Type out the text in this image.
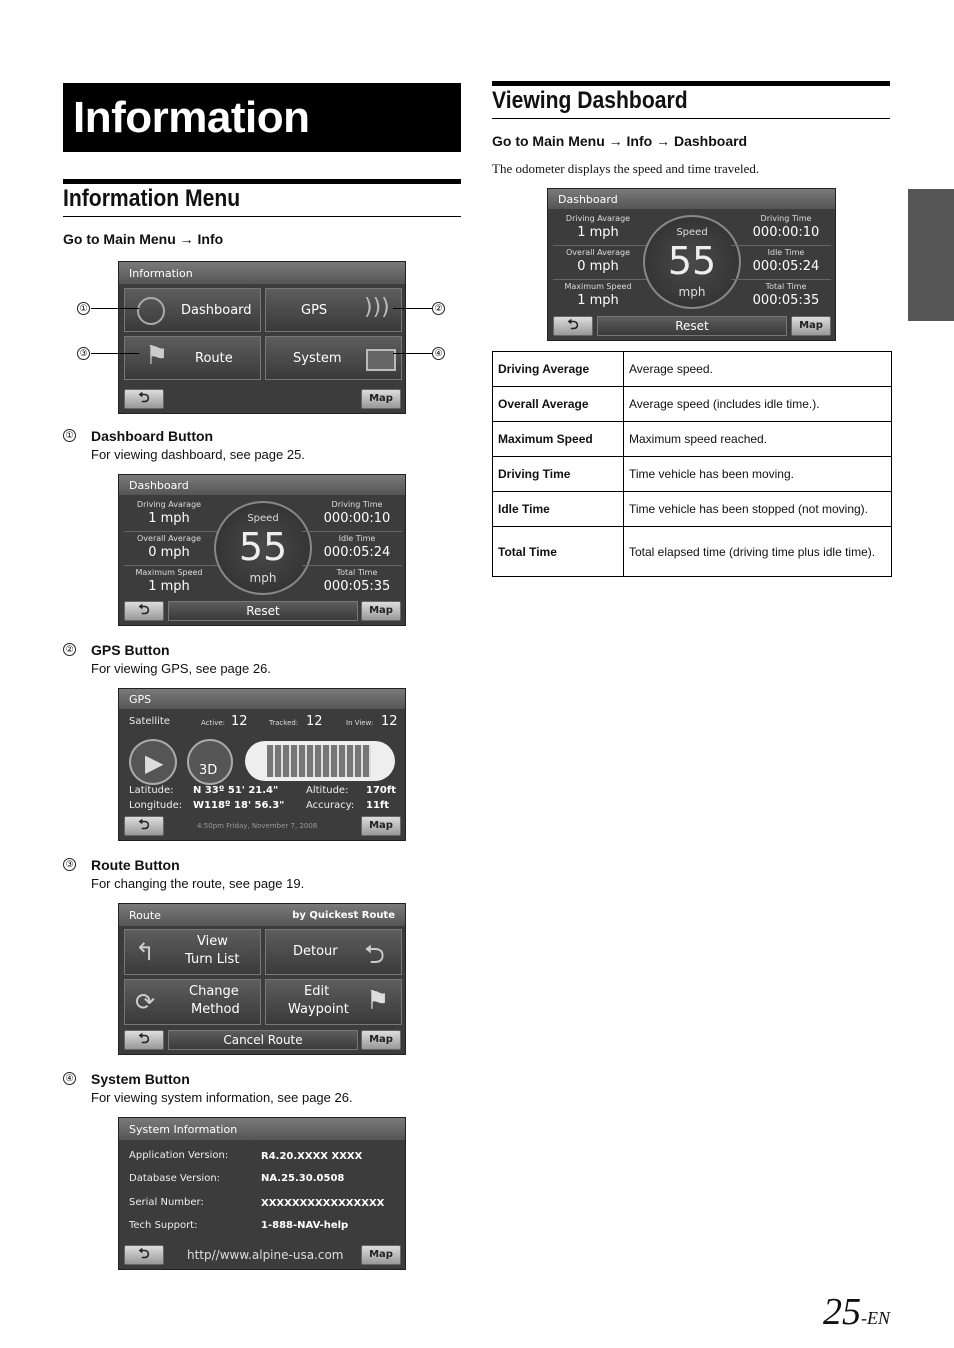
Information
Information Menu
Go to Main Menu → Info
Information
Dashboard	GPS )))
⚑ Route	System
⮌	Map
①	②
③	④
① Dashboard Button
For viewing dashboard, see page 25.
Dashboard
Driving Avarage
1 mph
Overall Average
0 mph
Maximum Speed
1 mph
Speed
55
mph
Driving Time
000:00:10
Idle Time
000:05:24
Total Time
000:05:35
⮌	Reset	Map
② GPS Button
For viewing GPS, see page 26.
GPS
Satellite	Active: 12	Tracked: 12	In View: 12
▶	3D
Latitude: N 33º 51' 21.4"
Longitude: W118º 18' 56.3"
Altitude: 170ft
Accuracy: 11ft
⮌	4:50pm Friday, November 7, 2008	Map
③ Route Button
For changing the route, see page 19.
Route	by Quickest Route
↰	View
Turn List
Detour ⮌
⟳	Change
Method
Edit
Waypoint ⚑
⮌	Cancel Route	Map
④ System Button
For viewing system information, see page 26.
System Information
Application Version:	R4.20.XXXX XXXX
Database Version:	NA.25.30.0508
Serial Number:	XXXXXXXXXXXXXXXX
Tech Support:	1-888-NAV-help
⮌	http//www.alpine-usa.com	Map
Viewing Dashboard
Go to Main Menu → Info → Dashboard
The odometer displays the speed and time traveled.
Dashboard
Driving Avarage
1 mph
Overall Average
0 mph
Maximum Speed
1 mph
Speed
55
mph
Driving Time
000:00:10
Idle Time
000:05:24
Total Time
000:05:35
⮌	Reset	Map
Driving Average	Average speed.
Overall Average	Average speed (includes idle time.).
Maximum Speed	Maximum speed reached.
Driving Time	Time vehicle has been moving.
Idle Time	Time vehicle has been stopped (not moving).
Total Time	Total elapsed time (driving time plus idle time).
25-EN
